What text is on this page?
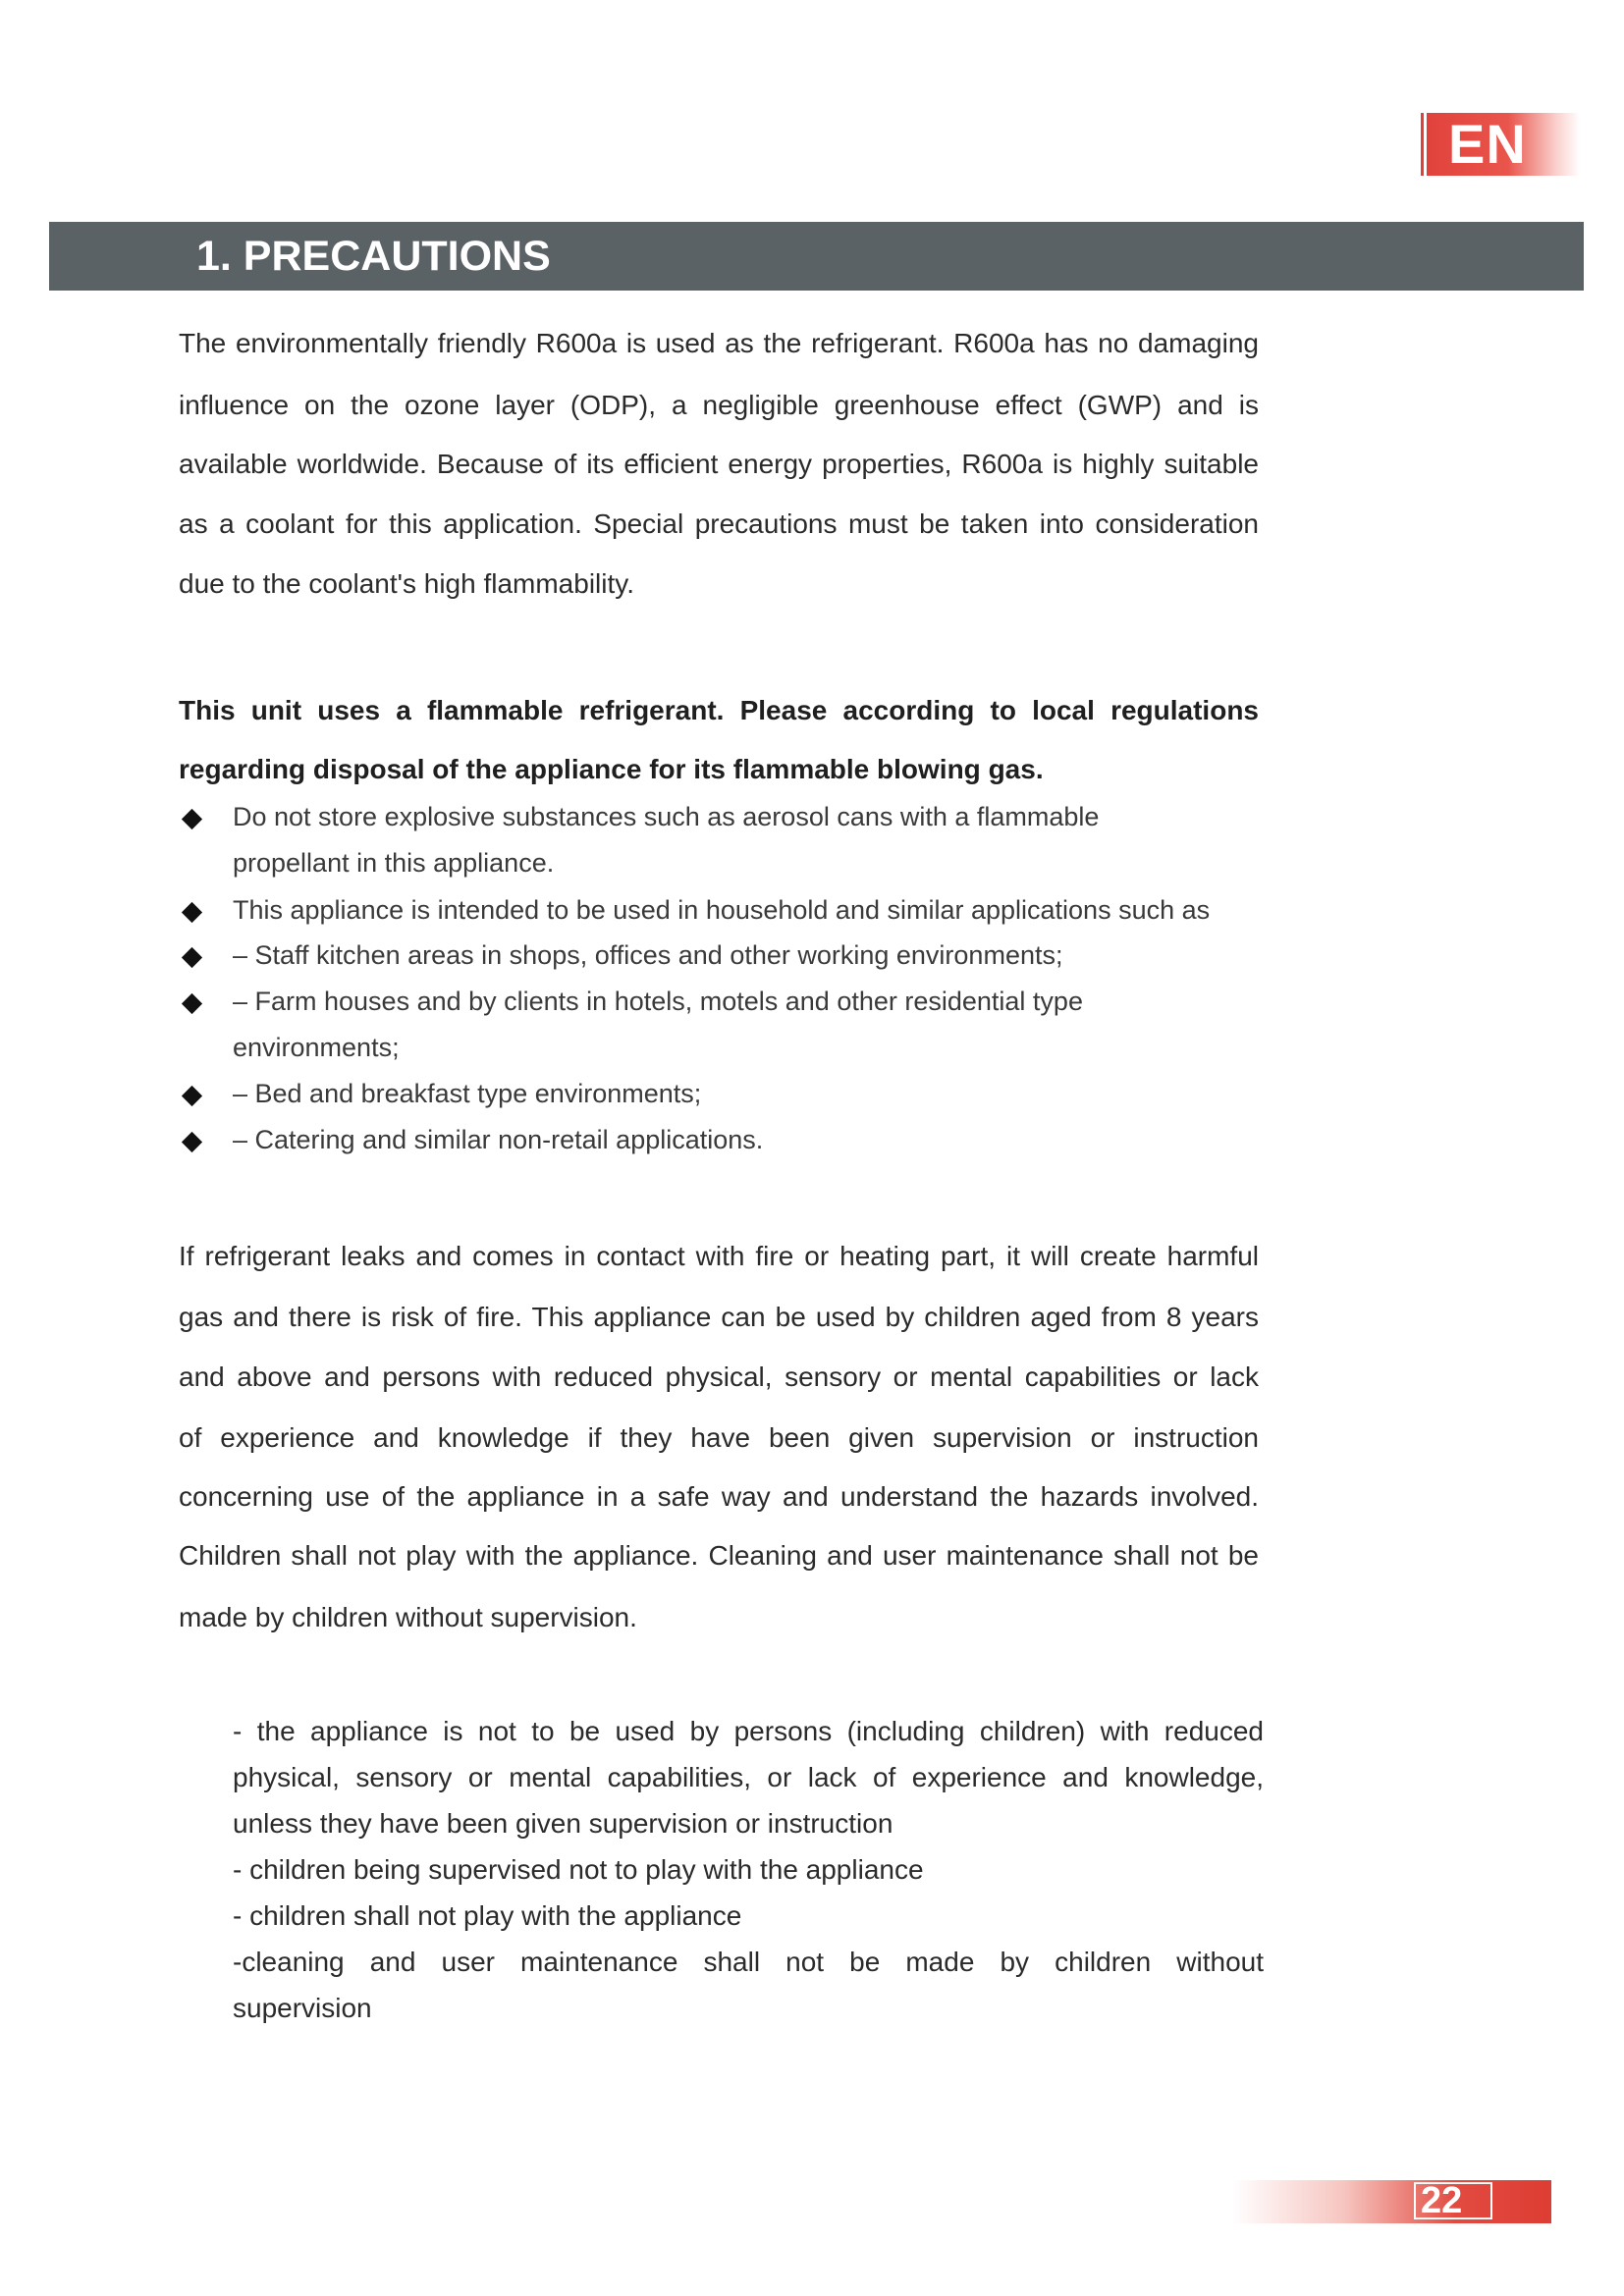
EN
1. PRECAUTIONS
The environmentally friendly R600a is used as the refrigerant. R600a has no damaging
influence on the ozone layer (ODP), a negligible greenhouse effect (GWP) and is
available worldwide. Because of its efficient energy properties, R600a is highly suitable
as a coolant for this application. Special precautions must be taken into consideration
due to the coolant's high flammability.
This unit uses a flammable refrigerant. Please according to local regulations
regarding disposal of the appliance for its flammable blowing gas.
Do not store explosive substances such as aerosol cans with a flammable
propellant in this appliance.
This appliance is intended to be used in household and similar applications such as
– Staff kitchen areas in shops, offices and other working environments;
– Farm houses and by clients in hotels, motels and other residential type
environments;
– Bed and breakfast type environments;
– Catering and similar non-retail applications.
If refrigerant leaks and comes in contact with fire or heating part, it will create harmful
gas and there is risk of fire. This appliance can be used by children aged from 8 years
and above and persons with reduced physical, sensory or mental capabilities or lack
of experience and knowledge if they have been given supervision or instruction
concerning use of the appliance in a safe way and understand the hazards involved.
Children shall not play with the appliance. Cleaning and user maintenance shall not be
made by children without supervision.
- the appliance is not to be used by persons (including children) with reduced
physical, sensory or mental capabilities, or lack of experience and knowledge,
unless they have been given supervision or instruction
- children being supervised not to play with the appliance
- children shall not play with the appliance
-cleaning and user maintenance shall not be made by children without
supervision
22
